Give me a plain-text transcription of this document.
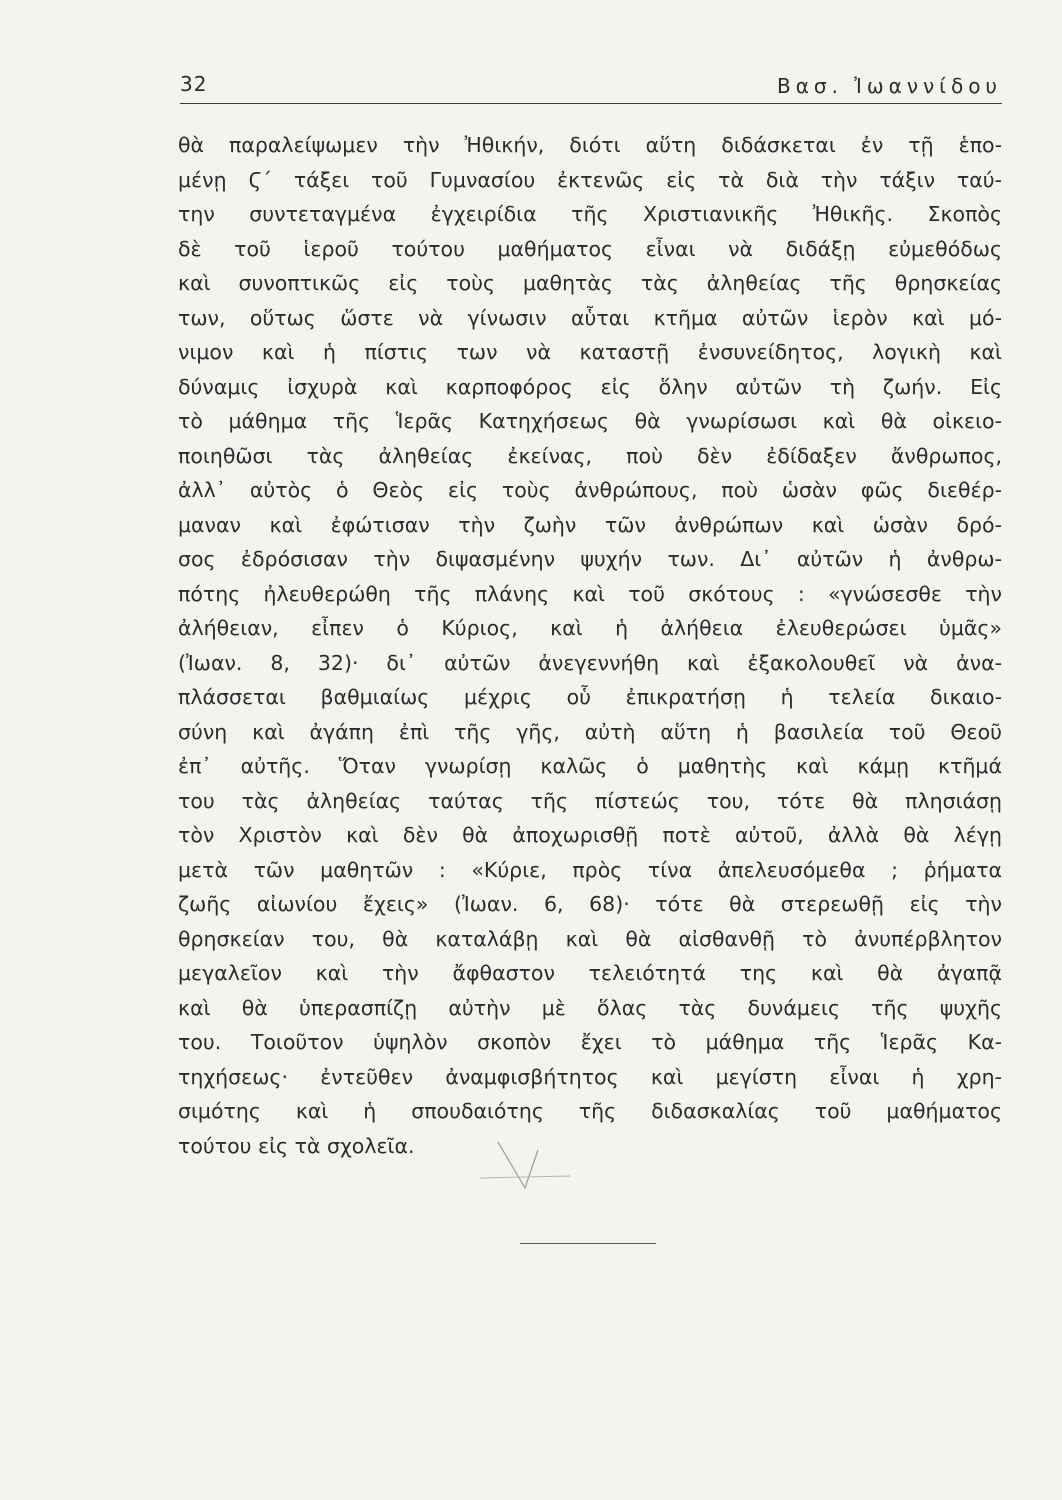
32	Βασ. Ἰωαννίδου
θὰ παραλείψωμεν τὴν Ἠθικήν, διότι αὕτη διδάσκεται ἐν τῇ ἑπο-
μένῃ Ϛ΄ τάξει τοῦ Γυμνασίου ἐκτενῶς εἰς τὰ διὰ τὴν τάξιν ταύ-
την συντεταγμένα ἐγχειρίδια τῆς Χριστιανικῆς Ἠθικῆς. Σκοπὸς
δὲ τοῦ ἱεροῦ τούτου μαθήματος εἶναι νὰ διδάξῃ εὐμεθόδως
καὶ συνοπτικῶς εἰς τοὺς μαθητὰς τὰς ἀληθείας τῆς θρησκείας
των, οὕτως ὥστε νὰ γίνωσιν αὗται κτῆμα αὐτῶν ἱερὸν καὶ μό-
νιμον καὶ ἡ πίστις των νὰ καταστῇ ἐνσυνείδητος, λογικὴ καὶ
δύναμις ἰσχυρὰ καὶ καρποφόρος εἰς ὅλην αὐτῶν τὴ ζωήν. Εἰς
τὸ μάθημα τῆς Ἱερᾶς Κατηχήσεως θὰ γνωρίσωσι καὶ θὰ οἰκειο-
ποιηθῶσι τὰς ἀληθείας ἐκείνας, ποὺ δὲν ἐδίδαξεν ἄνθρωπος,
ἀλλ᾽ αὐτὸς ὁ Θεὸς εἰς τοὺς ἀνθρώπους, ποὺ ὡσὰν φῶς διεθέρ-
μαναν καὶ ἐφώτισαν τὴν ζωὴν τῶν ἀνθρώπων καὶ ὡσὰν δρό-
σος ἐδρόσισαν τὴν διψασμένην ψυχήν των. Δι᾽ αὐτῶν ἡ ἀνθρω-
πότης ἠλευθερώθη τῆς πλάνης καὶ τοῦ σκότους : «γνώσεσθε τὴν
ἀλήθειαν, εἶπεν ὁ Κύριος, καὶ ἡ ἀλήθεια ἐλευθερώσει ὑμᾶς»
(Ἰωαν. 8, 32)· δι᾽ αὐτῶν ἀνεγεννήθη καὶ ἐξακολουθεῖ νὰ ἀνα-
πλάσσεται βαθμιαίως μέχρις οὗ ἐπικρατήσῃ ἡ τελεία δικαιο-
σύνη καὶ ἀγάπη ἐπὶ τῆς γῆς, αὐτὴ αὕτη ἡ βασιλεία τοῦ Θεοῦ
ἐπ᾽ αὐτῆς. Ὅταν γνωρίσῃ καλῶς ὁ μαθητὴς καὶ κάμῃ κτῆμά
του τὰς ἀληθείας ταύτας τῆς πίστεώς του, τότε θὰ πλησιάσῃ
τὸν Χριστὸν καὶ δὲν θὰ ἀποχωρισθῇ ποτὲ αὐτοῦ, ἀλλὰ θὰ λέγῃ
μετὰ τῶν μαθητῶν : «Κύριε, πρὸς τίνα ἀπελευσόμεθα ; ῥήματα
ζωῆς αἰωνίου ἔχεις» (Ἰωαν. 6, 68)· τότε θὰ στερεωθῇ εἰς τὴν
θρησκείαν του, θὰ καταλάβῃ καὶ θὰ αἰσθανθῇ τὸ ἀνυπέρβλητον
μεγαλεῖον καὶ τὴν ἄφθαστον τελειότητά της καὶ θὰ ἀγαπᾷ
καὶ θὰ ὑπερασπίζῃ αὐτὴν μὲ ὅλας τὰς δυνάμεις τῆς ψυχῆς
του. Τοιοῦτον ὑψηλὸν σκοπὸν ἔχει τὸ μάθημα τῆς Ἱερᾶς Κα-
τηχήσεως· ἐντεῦθεν ἀναμφισβήτητος καὶ μεγίστη εἶναι ἡ χρη-
σιμότης καὶ ἡ σπουδαιότης τῆς διδασκαλίας τοῦ μαθήματος
τούτου εἰς τὰ σχολεῖα.
